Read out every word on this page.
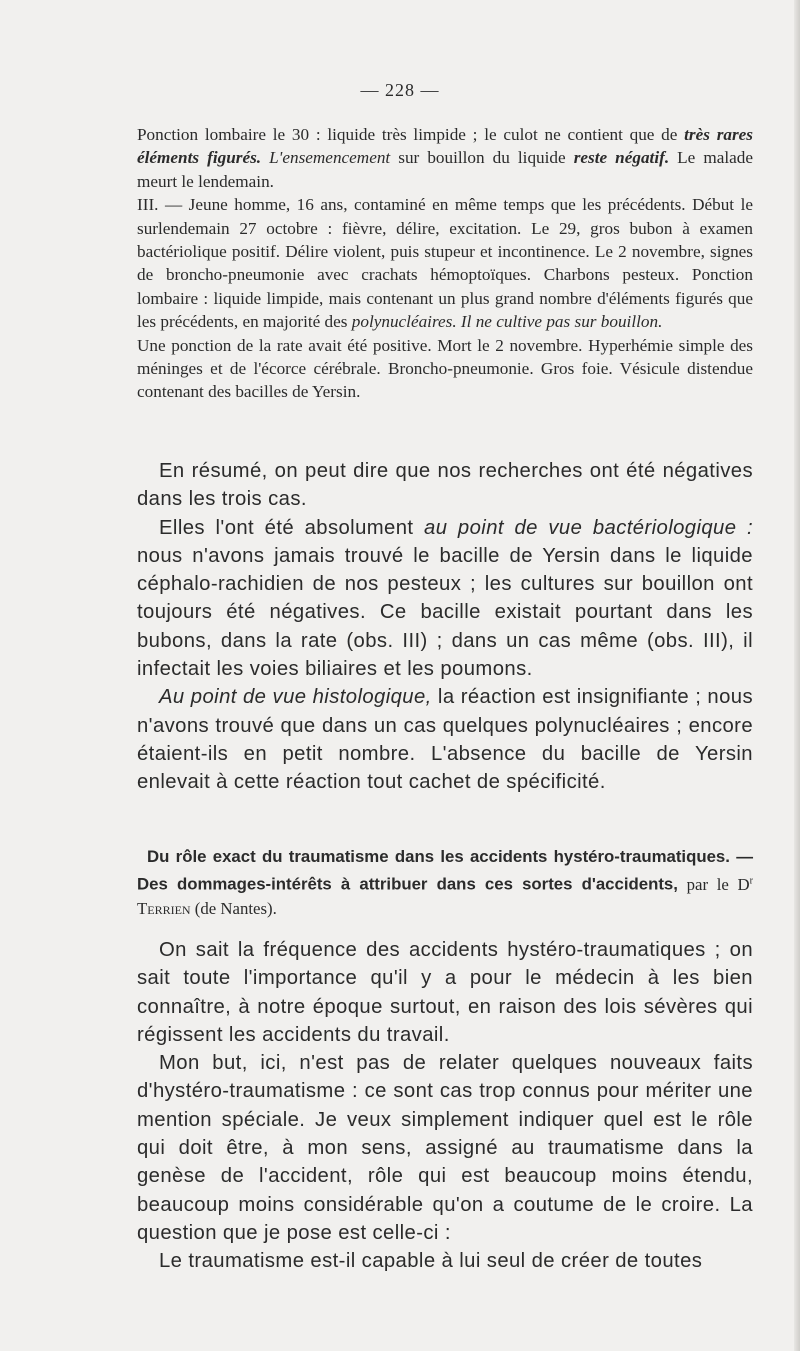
— 228 —

Ponction lombaire le 30 : liquide très limpide ; le culot ne contient que de très rares éléments figurés. L'ensemencement sur bouillon du liquide reste négatif. Le malade meurt le lendemain.

III. — Jeune homme, 16 ans, contaminé en même temps que les précédents. Début le surlendemain 27 octobre : fièvre, délire, excitation. Le 29, gros bubon à examen bactériolique positif. Délire violent, puis stupeur et incontinence. Le 2 novembre, signes de broncho-pneumonie avec crachats hémoptoïques. Charbons pesteux. Ponction lombaire : liquide limpide, mais contenant un plus grand nombre d'éléments figurés que les précédents, en majorité des polynucléaires. Il ne cultive pas sur bouillon.

Une ponction de la rate avait été positive. Mort le 2 novembre. Hyperhémie simple des méninges et de l'écorce cérébrale. Broncho-pneumonie. Gros foie. Vésicule distendue contenant des bacilles de Yersin.

En résumé, on peut dire que nos recherches ont été négatives dans les trois cas.

Elles l'ont été absolument au point de vue bactériologique : nous n'avons jamais trouvé le bacille de Yersin dans le liquide céphalo-rachidien de nos pesteux ; les cultures sur bouillon ont toujours été négatives. Ce bacille existait pourtant dans les bubons, dans la rate (obs. III) ; dans un cas même (obs. III), il infectait les voies biliaires et les poumons.

Au point de vue histologique, la réaction est insignifiante ; nous n'avons trouvé que dans un cas quelques polynucléaires ; encore étaient-ils en petit nombre. L'absence du bacille de Yersin enlevait à cette réaction tout cachet de spécificité.

Du rôle exact du traumatisme dans les accidents hystéro-traumatiques. — Des dommages-intérêts à attribuer dans ces sortes d'accidents, par le $D^r$ Terrien (de Nantes).

On sait la fréquence des accidents hystéro-traumatiques ; on sait toute l'importance qu'il y a pour le médecin à les bien connaître, à notre époque surtout, en raison des lois sévères qui régissent les accidents du travail.

Mon but, ici, n'est pas de relater quelques nouveaux faits d'hystéro-traumatisme : ce sont cas trop connus pour mériter une mention spéciale. Je veux simplement indiquer quel est le rôle qui doit être, à mon sens, assigné au traumatisme dans la genèse de l'accident, rôle qui est beaucoup moins étendu, beaucoup moins considérable qu'on a coutume de le croire. La question que je pose est celle-ci :

Le traumatisme est-il capable à lui seul de créer de toutes
